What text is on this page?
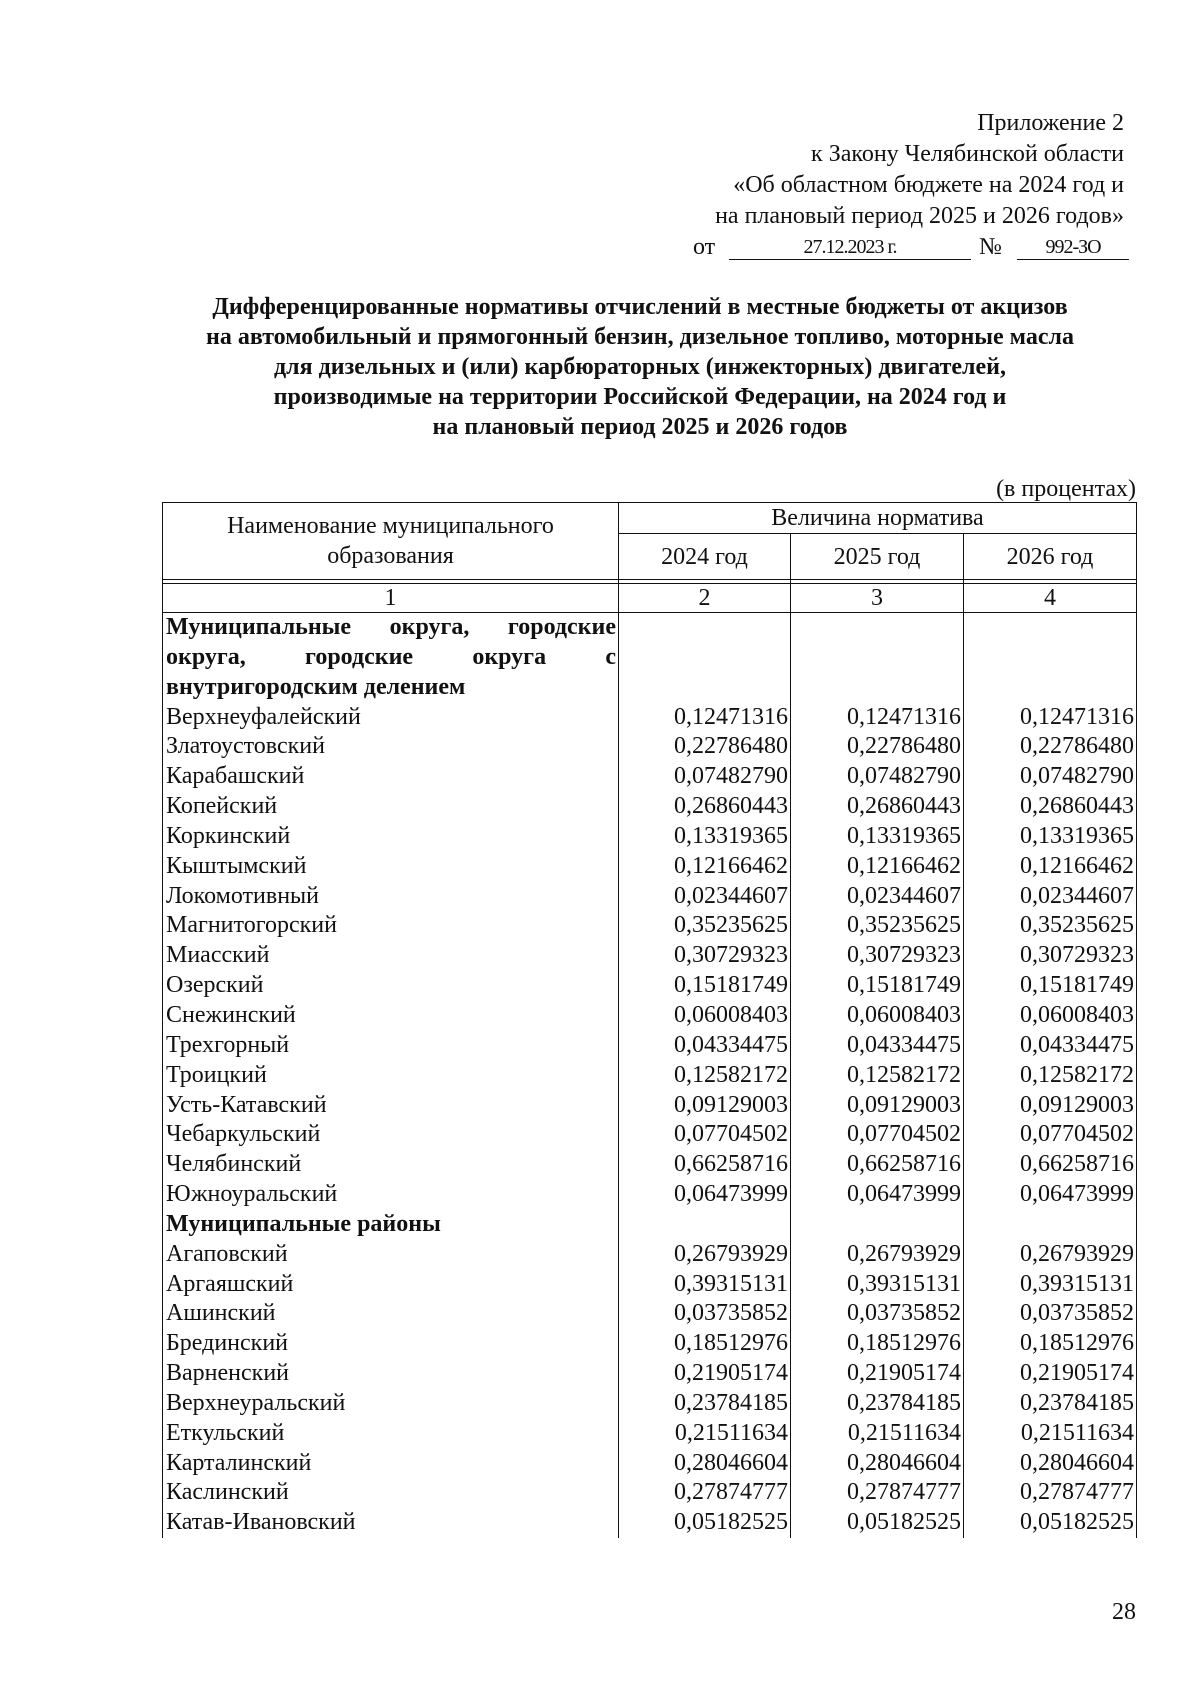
Приложение 2
к Закону Челябинской области
«Об областном бюджете на 2024 год и
на плановый период 2025 и 2026 годов»
от	27.12.2023 г.	№	992-ЗО
Дифференцированные нормативы отчислений в местные бюджеты от акцизов
на автомобильный и прямогонный бензин, дизельное топливо, моторные масла
для дизельных и (или) карбюраторных (инжекторных) двигателей,
производимые на территории Российской Федерации, на 2024 год и
на плановый период 2025 и 2026 годов
(в процентах)
Наименование муниципального образования	Величина норматива		
	2024 год	2025 год	2026 год

1	2	3	4

Муниципальные округа, городские округа, городские округа с внутригородским делением			

Верхнеуфалейский	0,12471316	0,12471316	0,12471316
Златоустовский	0,22786480	0,22786480	0,22786480
Карабашский	0,07482790	0,07482790	0,07482790
Копейский	0,26860443	0,26860443	0,26860443
Коркинский	0,13319365	0,13319365	0,13319365
Кыштымский	0,12166462	0,12166462	0,12166462
Локомотивный	0,02344607	0,02344607	0,02344607
Магнитогорский	0,35235625	0,35235625	0,35235625
Миасский	0,30729323	0,30729323	0,30729323
Озерский	0,15181749	0,15181749	0,15181749
Снежинский	0,06008403	0,06008403	0,06008403
Трехгорный	0,04334475	0,04334475	0,04334475
Троицкий	0,12582172	0,12582172	0,12582172
Усть-Катавский	0,09129003	0,09129003	0,09129003
Чебаркульский	0,07704502	0,07704502	0,07704502
Челябинский	0,66258716	0,66258716	0,66258716
Южноуральский	0,06473999	0,06473999	0,06473999

Муниципальные районы			

Агаповский	0,26793929	0,26793929	0,26793929
Аргаяшский	0,39315131	0,39315131	0,39315131
Ашинский	0,03735852	0,03735852	0,03735852
Брединский	0,18512976	0,18512976	0,18512976
Варненский	0,21905174	0,21905174	0,21905174
Верхнеуральский	0,23784185	0,23784185	0,23784185
Еткульский	0,21511634	0,21511634	0,21511634
Карталинский	0,28046604	0,28046604	0,28046604
Каслинский	0,27874777	0,27874777	0,27874777
Катав-Ивановский	0,05182525	0,05182525	0,05182525
28
